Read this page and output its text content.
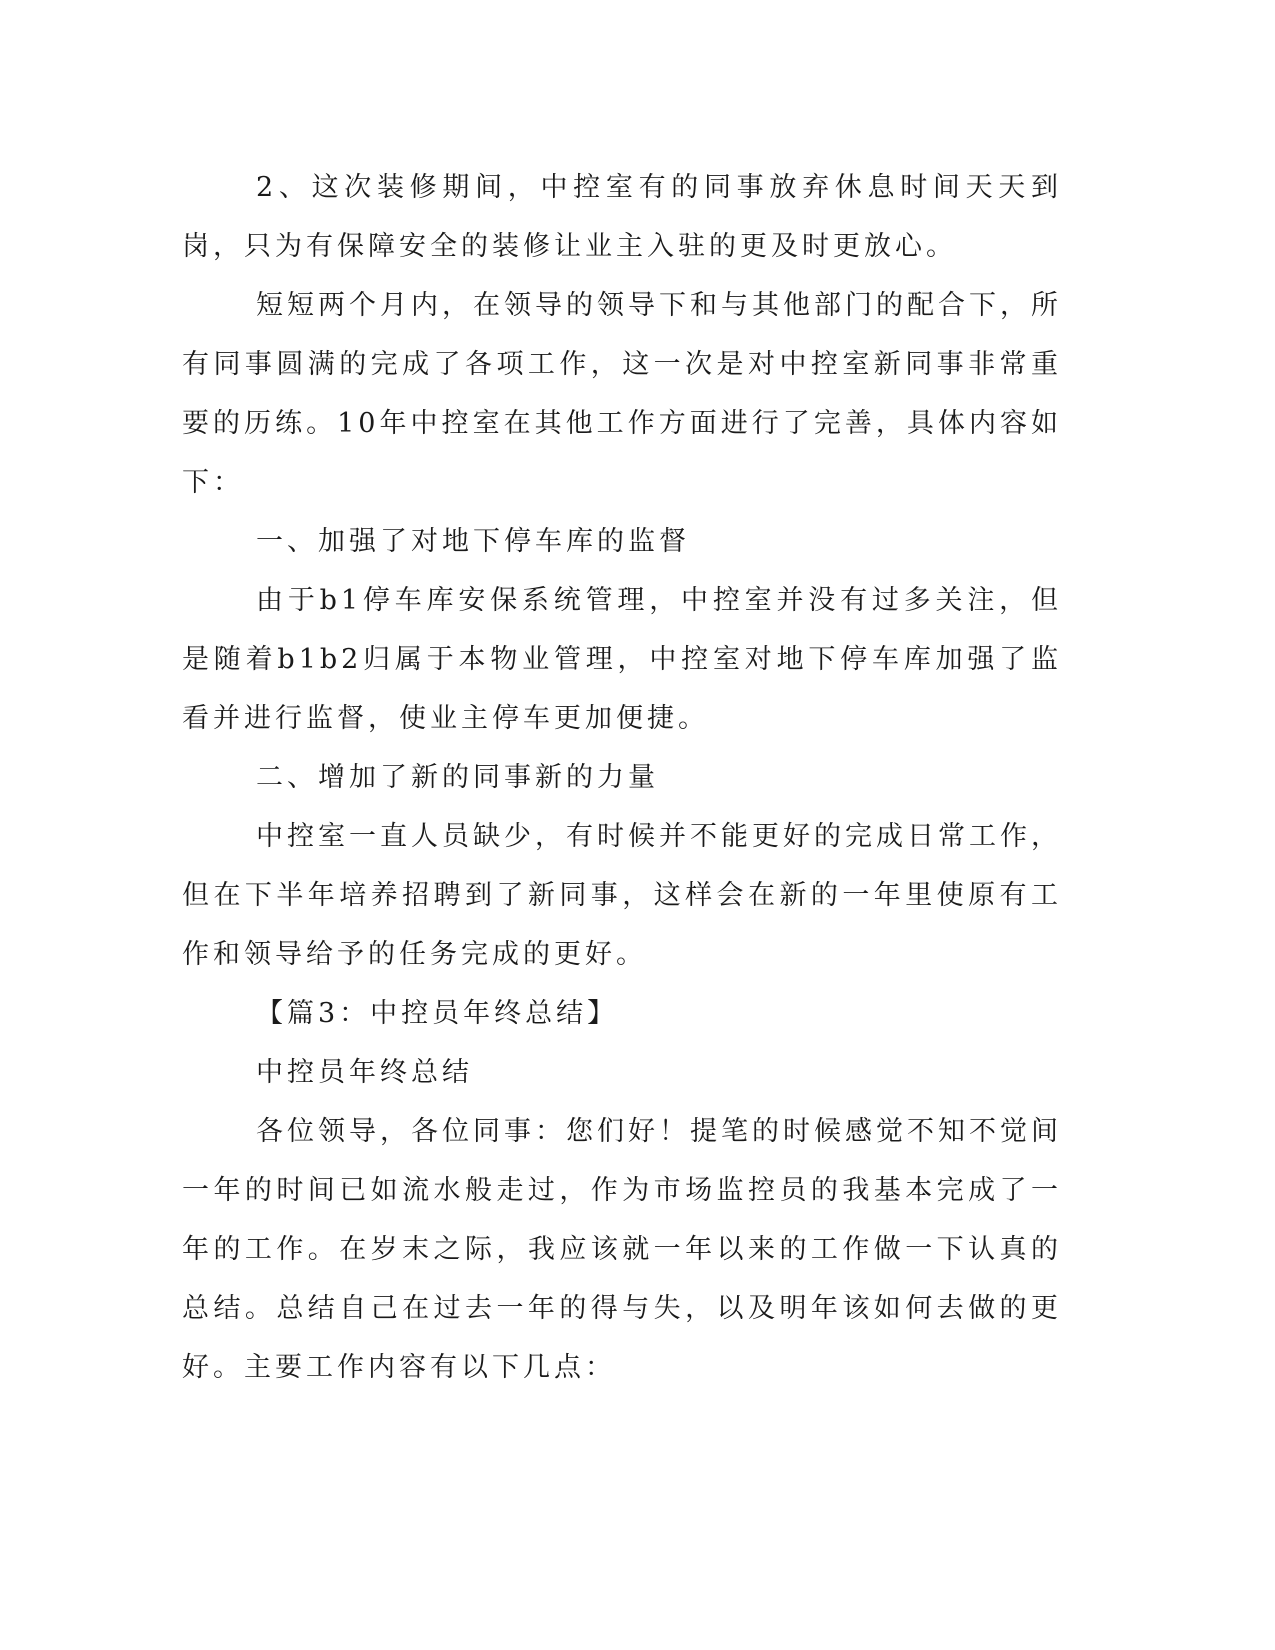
2、这次装修期间，中控室有的同事放弃休息时间天天到岗，只为有保障安全的装修让业主入驻的更及时更放心。

短短两个月内，在领导的领导下和与其他部门的配合下，所有同事圆满的完成了各项工作，这一次是对中控室新同事非常重要的历练。10年中控室在其他工作方面进行了完善，具体内容如下：

一、加强了对地下停车库的监督

由于b1停车库安保系统管理，中控室并没有过多关注，但是随着b1b2归属于本物业管理，中控室对地下停车库加强了监看并进行监督，使业主停车更加便捷。

二、增加了新的同事新的力量

中控室一直人员缺少，有时候并不能更好的完成日常工作，但在下半年培养招聘到了新同事，这样会在新的一年里使原有工作和领导给予的任务完成的更好。

【篇3：中控员年终总结】

中控员年终总结

各位领导，各位同事：您们好！提笔的时候感觉不知不觉间一年的时间已如流水般走过，作为市场监控员的我基本完成了一年的工作。在岁末之际，我应该就一年以来的工作做一下认真的总结。总结自己在过去一年的得与失，以及明年该如何去做的更好。主要工作内容有以下几点：
